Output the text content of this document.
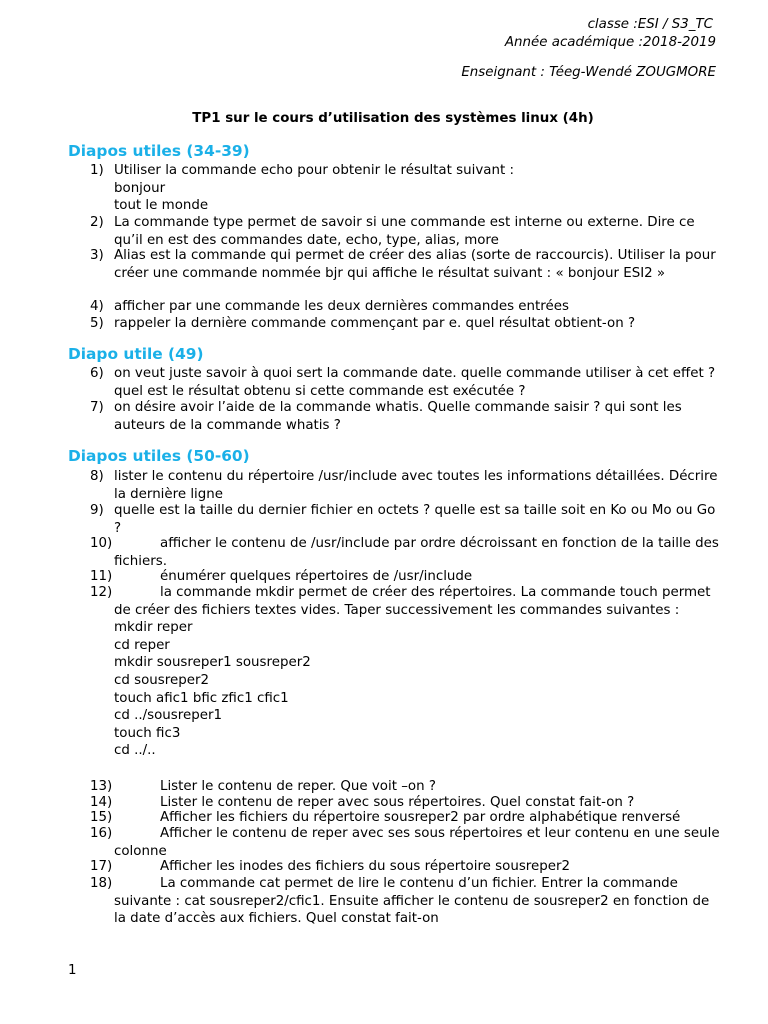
classe :ESI / S3_TC
Année académique :2018-2019
Enseignant : Téeg-Wendé ZOUGMORE
TP1 sur le cours d’utilisation des systèmes linux (4h)
Diapos utiles (34-39)
1) Utiliser la commande echo pour obtenir le résultat suivant :
bonjour
tout le monde
2) La commande type permet de savoir si une commande est interne ou externe. Dire ce qu’il en est des commandes date, echo, type, alias, more
3) Alias est la commande qui permet de créer des alias (sorte de raccourcis). Utiliser la pour créer une commande nommée bjr qui affiche le résultat suivant : « bonjour ESI2 »
4) afficher par une commande les deux dernières commandes entrées
5) rappeler la dernière commande commençant par e. quel résultat obtient-on ?
Diapo utile (49)
6) on veut juste savoir à quoi sert la commande date. quelle commande utiliser à cet effet ? quel est le résultat obtenu si cette commande est exécutée ?
7) on désire avoir l’aide de la commande whatis. Quelle commande saisir ? qui sont les auteurs de la commande whatis ?
Diapos utiles (50-60)
8) lister le contenu du répertoire /usr/include avec toutes les informations détaillées. Décrire la dernière ligne
9) quelle est la taille du dernier fichier en octets ? quelle est sa taille soit en Ko ou Mo ou Go ?
10)	afficher le contenu de /usr/include par ordre décroissant en fonction de la taille des fichiers.
11)	énumérer quelques répertoires de /usr/include
12)	la commande mkdir permet de créer des répertoires. La commande touch permet de créer des fichiers textes vides. Taper successivement les commandes suivantes :
mkdir reper
cd reper
mkdir sousreper1 sousreper2
cd sousreper2
touch afic1 bfic zfic1 cfic1
cd ../sousreper1
touch fic3
cd ../..
13)	Lister le contenu de reper. Que voit –on ?
14)	Lister le contenu de reper avec sous répertoires. Quel constat fait-on ?
15)	Afficher les fichiers du répertoire sousreper2 par ordre alphabétique renversé
16)	Afficher le contenu de reper avec ses sous répertoires et leur contenu en une seule colonne
17)	Afficher les inodes des fichiers du sous répertoire sousreper2
18)	La commande cat permet de lire le contenu d’un fichier. Entrer la commande suivante : cat sousreper2/cfic1. Ensuite afficher le contenu de sousreper2 en fonction de la date d’accès aux fichiers. Quel constat fait-on
1
